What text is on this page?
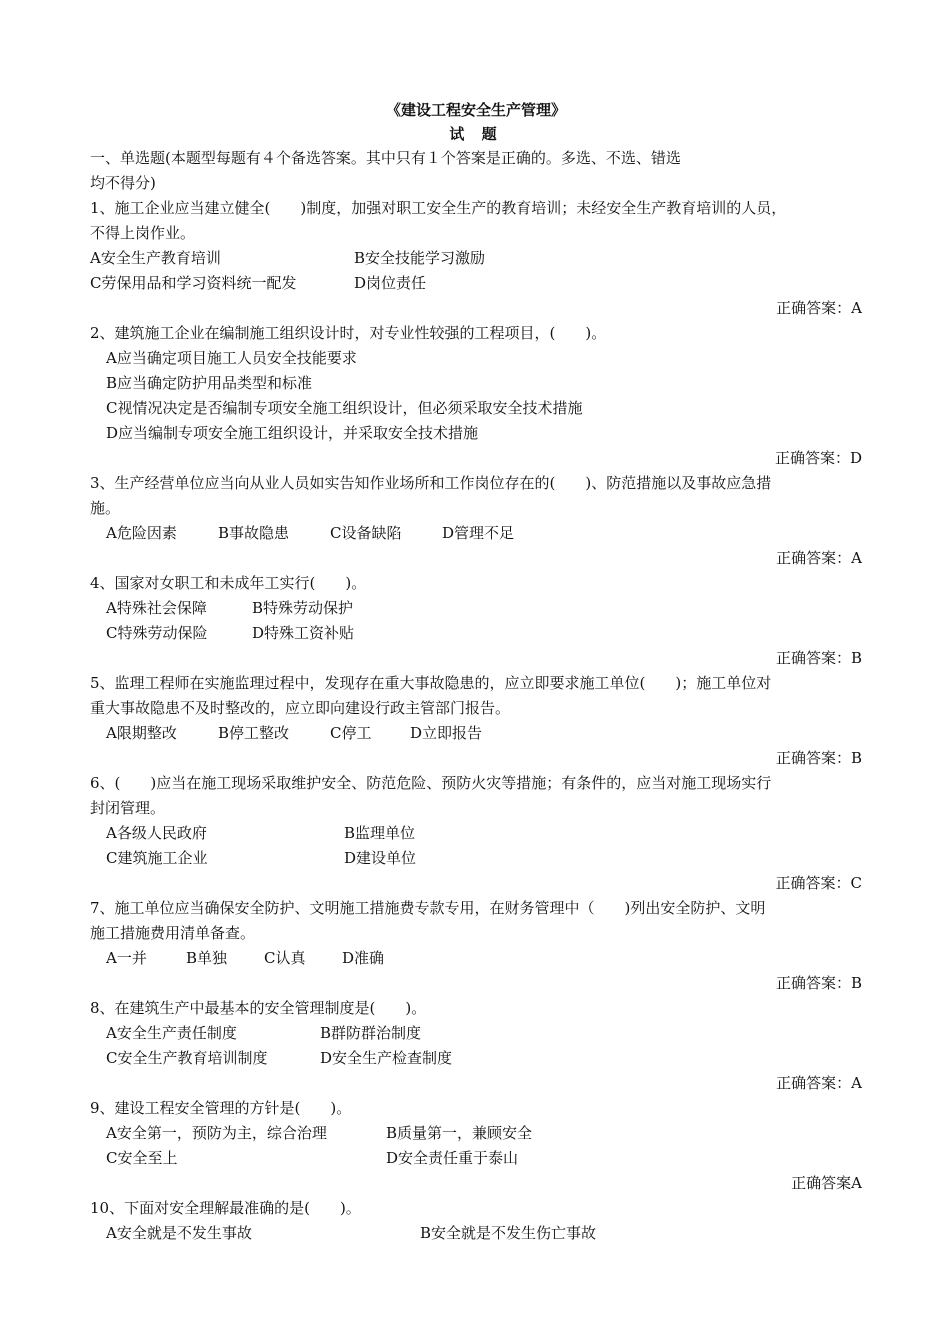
《建设工程安全生产管理》
试 题
一、单选题(本题型每题有４个备选答案。其中只有１个答案是正确的。多选、不选、错选
均不得分)
1、施工企业应当建立健全(　　)制度，加强对职工安全生产的教育培训；未经安全生产教育培训的人员，
不得上岗作业。
A安全生产教育培训	B安全技能学习激励
C劳保用品和学习资料统一配发	D岗位责任
正确答案：A
2、建筑施工企业在编制施工组织设计时，对专业性较强的工程项目，(　　)。
A应当确定项目施工人员安全技能要求
B应当确定防护用品类型和标准
C视情况决定是否编制专项安全施工组织设计，但必须采取安全技术措施
D应当编制专项安全施工组织设计，并采取安全技术措施
正确答案：D
3、生产经营单位应当向从业人员如实告知作业场所和工作岗位存在的(　　)、防范措施以及事故应急措
施。
A危险因素	B事故隐患	C设备缺陷	D管理不足
正确答案：A
4、国家对女职工和未成年工实行(　　)。
A特殊社会保障	B特殊劳动保护
C特殊劳动保险	D特殊工资补贴
正确答案：B
5、监理工程师在实施监理过程中，发现存在重大事故隐患的，应立即要求施工单位(　　)；施工单位对
重大事故隐患不及时整改的，应立即向建设行政主管部门报告。
A限期整改	B停工整改	C停工	D立即报告
正确答案：B
6、(　　)应当在施工现场采取维护安全、防范危险、预防火灾等措施；有条件的，应当对施工现场实行
封闭管理。
A各级人民政府	B监理单位
C建筑施工企业	D建设单位
正确答案：C
7、施工单位应当确保安全防护、文明施工措施费专款专用，在财务管理中（　　)列出安全防护、文明
施工措施费用清单备查。
A一并	B单独	C认真	D准确
正确答案：B
8、在建筑生产中最基本的安全管理制度是(　　)。
A安全生产责任制度	B群防群治制度
C安全生产教育培训制度	D安全生产检查制度
正确答案：A
9、建设工程安全管理的方针是(　　)。
A安全第一，预防为主，综合治理	B质量第一，兼顾安全
C安全至上	D安全责任重于泰山
正确答案A
10、下面对安全理解最准确的是(　　)。
A安全就是不发生事故	B安全就是不发生伤亡事故
